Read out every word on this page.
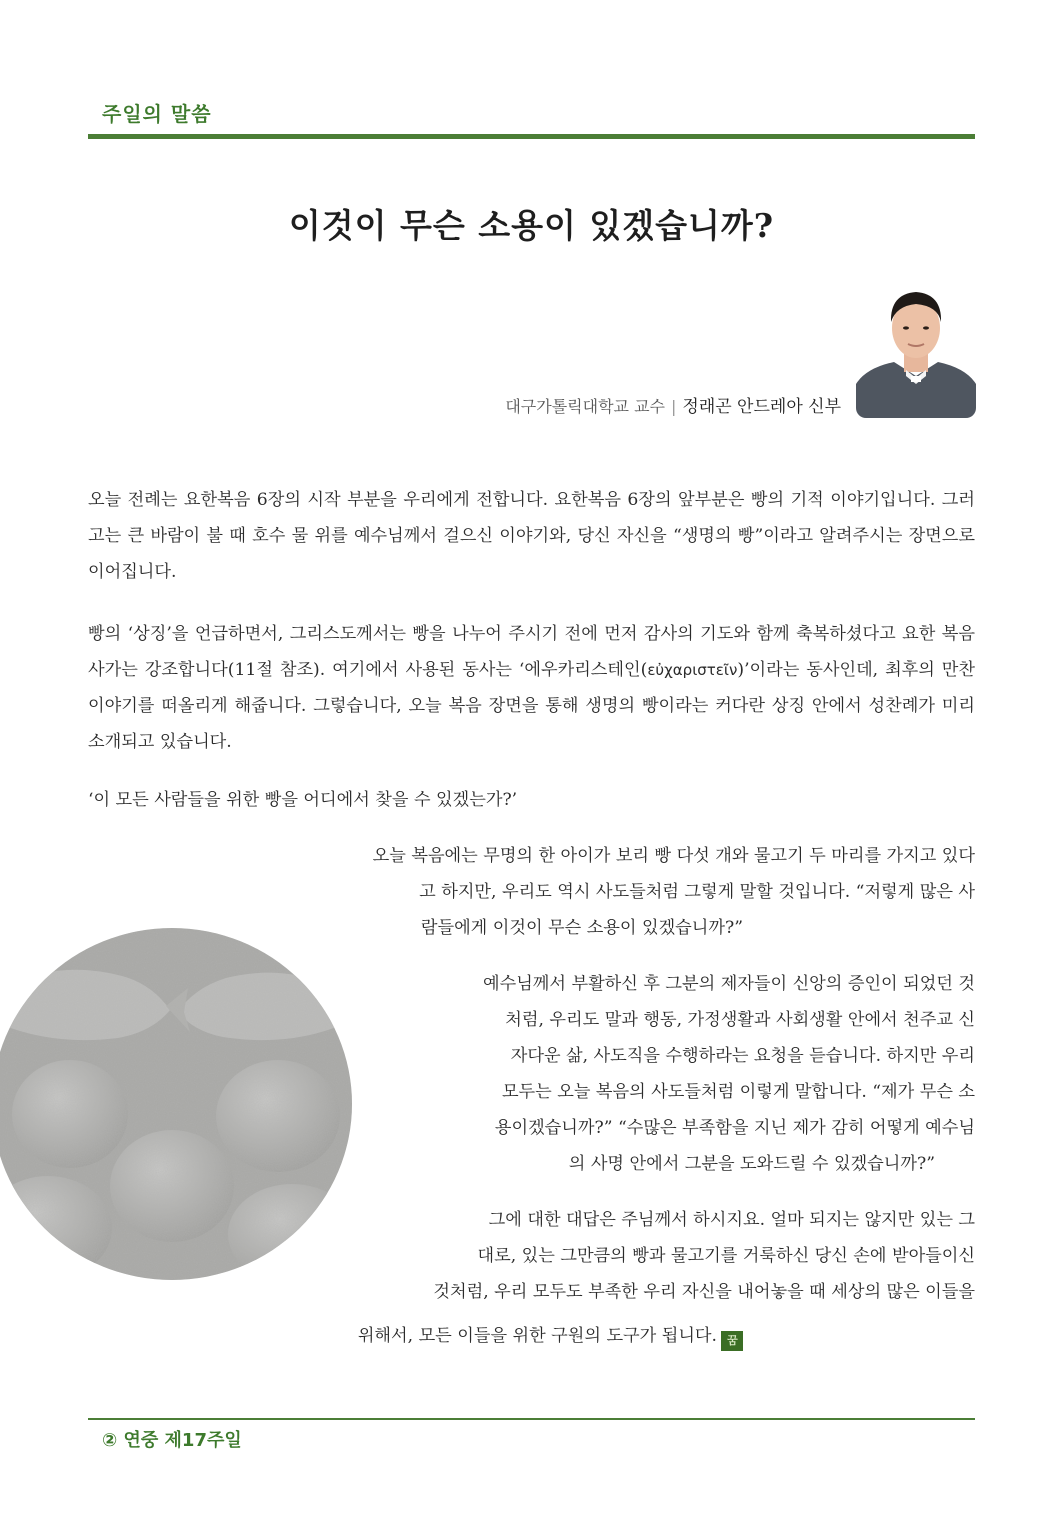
주일의 말씀
이것이 무슨 소용이 있겠습니까?
대구가톨릭대학교 교수 | 정래곤 안드레아 신부

오늘 전례는 요한복음 6장의 시작 부분을 우리에게 전합니다. 요한복음 6장의 앞부분은 빵의 기적 이야기입니다. 그러고는 큰 바람이 불 때 호수 물 위를 예수님께서 걸으신 이야기와, 당신 자신을 “생명의 빵”이라고 알려주시는 장면으로 이어집니다.

빵의 ‘상징’을 언급하면서, 그리스도께서는 빵을 나누어 주시기 전에 먼저 감사의 기도와 함께 축복하셨다고 요한 복음사가는 강조합니다(11절 참조). 여기에서 사용된 동사는 ‘에우카리스테인(εὐχαριστεῖν)’이라는 동사인데, 최후의 만찬 이야기를 떠올리게 해줍니다. 그렇습니다, 오늘 복음 장면을 통해 생명의 빵이라는 커다란 상징 안에서 성찬례가 미리 소개되고 있습니다.

‘이 모든 사람들을 위한 빵을 어디에서 찾을 수 있겠는가?’

오늘 복음에는 무명의 한 아이가 보리 빵 다섯 개와 물고기 두 마리를 가지고 있다

고 하지만, 우리도 역시 사도들처럼 그렇게 말할 것입니다. “저렇게 많은 사

람들에게 이것이 무슨 소용이 있겠습니까?”

예수님께서 부활하신 후 그분의 제자들이 신앙의 증인이 되었던 것

처럼, 우리도 말과 행동, 가정생활과 사회생활 안에서 천주교 신

자다운 삶, 사도직을 수행하라는 요청을 듣습니다. 하지만 우리

모두는 오늘 복음의 사도들처럼 이렇게 말합니다. “제가 무슨 소

용이겠습니까?” “수많은 부족함을 지닌 제가 감히 어떻게 예수님

의 사명 안에서 그분을 도와드릴 수 있겠습니까?”

그에 대한 대답은 주님께서 하시지요. 얼마 되지는 않지만 있는 그

대로, 있는 그만큼의 빵과 물고기를 거룩하신 당신 손에 받아들이신

것처럼, 우리 모두도 부족한 우리 자신을 내어놓을 때 세상의 많은 이들을

위해서, 모든 이들을 위한 구원의 도구가 됩니다. 꿈

② 연중 제17주일
